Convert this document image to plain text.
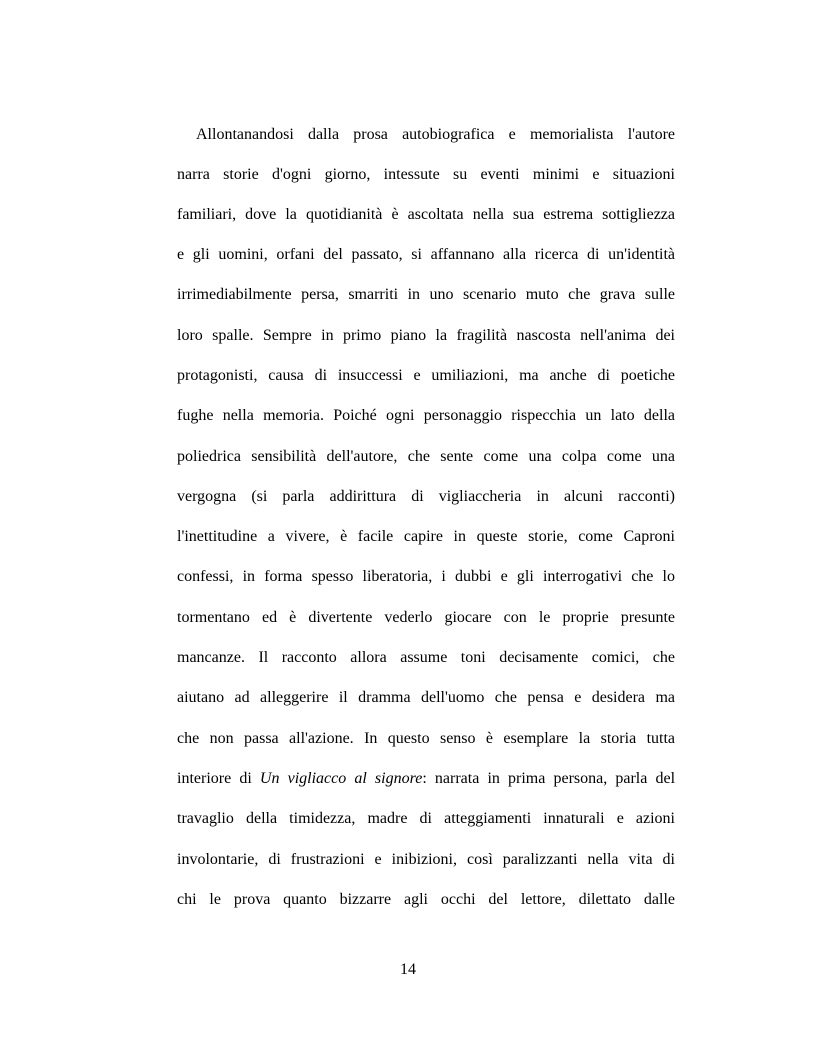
Allontanandosi dalla prosa autobiografica e memorialista l'autore
narra storie d'ogni giorno, intessute su eventi minimi e situazioni
familiari, dove la quotidianità è ascoltata nella sua estrema sottigliezza
e gli uomini, orfani del passato, si affannano alla ricerca di un'identità
irrimediabilmente persa, smarriti in uno scenario muto che grava sulle
loro spalle. Sempre in primo piano la fragilità nascosta nell'anima dei
protagonisti, causa di insuccessi e umiliazioni, ma anche di poetiche
fughe nella memoria. Poiché ogni personaggio rispecchia un lato della
poliedrica sensibilità dell'autore, che sente come una colpa come una
vergogna (si parla addirittura di vigliaccheria in alcuni racconti)
l'inettitudine a vivere, è facile capire in queste storie, come Caproni
confessi, in forma spesso liberatoria, i dubbi e gli interrogativi che lo
tormentano ed è divertente vederlo giocare con le proprie presunte
mancanze. Il racconto allora assume toni decisamente comici, che
aiutano ad alleggerire il dramma dell'uomo che pensa e desidera ma
che non passa all'azione. In questo senso è esemplare la storia tutta
interiore di Un vigliacco al signore: narrata in prima persona, parla del
travaglio della timidezza, madre di atteggiamenti innaturali e azioni
involontarie, di frustrazioni e inibizioni, così paralizzanti nella vita di
chi le prova quanto bizzarre agli occhi del lettore, dilettato dalle
14
